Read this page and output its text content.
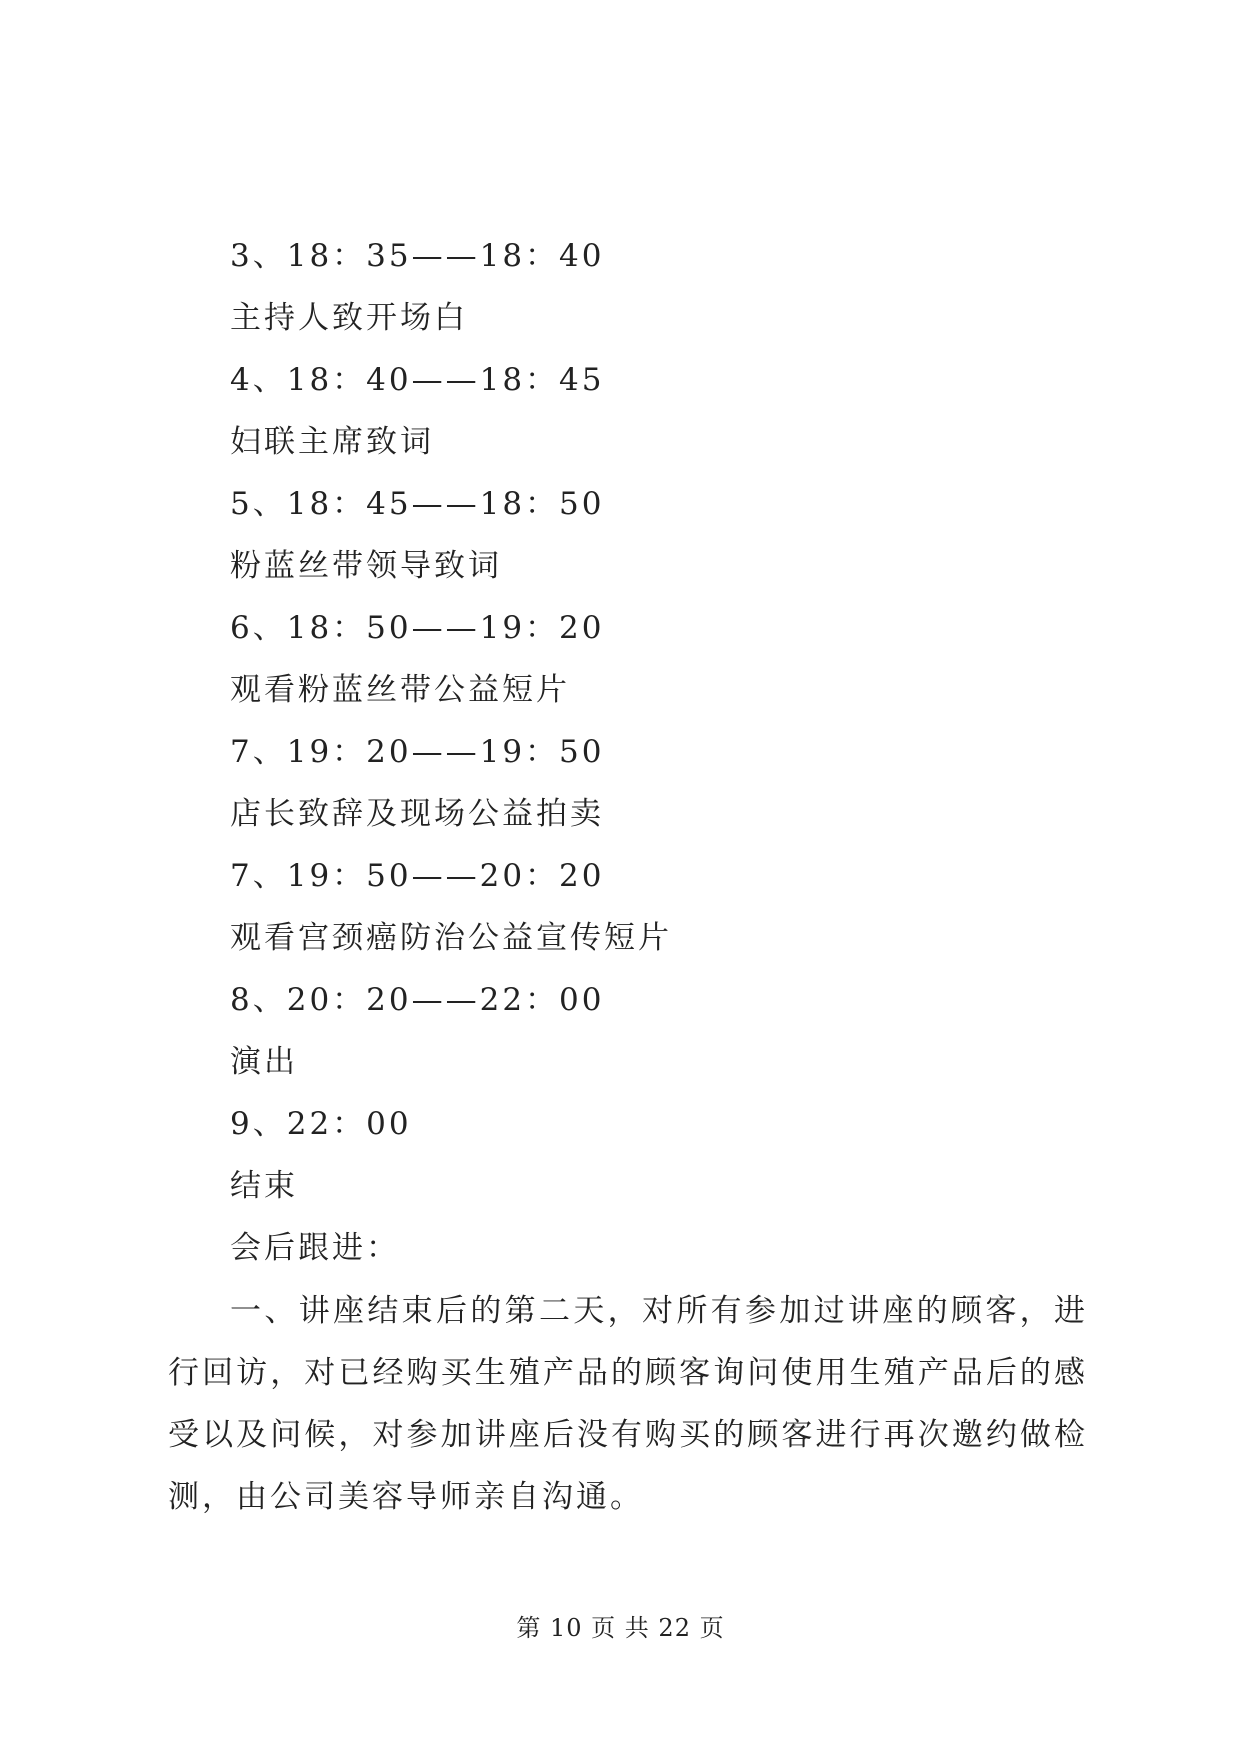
3、18：35——18：40
主持人致开场白
4、18：40——18：45
妇联主席致词
5、18：45——18：50
粉蓝丝带领导致词
6、18：50——19：20
观看粉蓝丝带公益短片
7、19：20——19：50
店长致辞及现场公益拍卖
7、19：50——20：20
观看宫颈癌防治公益宣传短片
8、20：20——22：00
演出
9、22：00
结束
会后跟进：
一、讲座结束后的第二天，对所有参加过讲座的顾客，进行回访，对已经购买生殖产品的顾客询问使用生殖产品后的感受以及问候，对参加讲座后没有购买的顾客进行再次邀约做检测，由公司美容导师亲自沟通。
第 10 页 共 22 页
